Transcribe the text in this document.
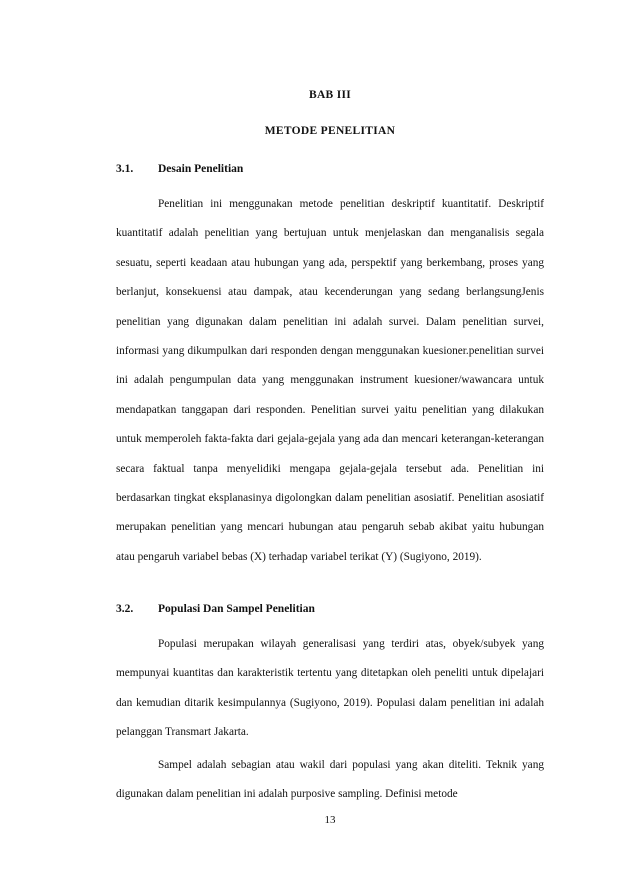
BAB III
METODE PENELITIAN
3.1. Desain Penelitian

Penelitian ini menggunakan metode penelitian deskriptif kuantitatif. Deskriptif kuantitatif adalah penelitian yang bertujuan untuk menjelaskan dan menganalisis segala sesuatu, seperti keadaan atau hubungan yang ada, perspektif yang berkembang, proses yang berlanjut, konsekuensi atau dampak, atau kecenderungan yang sedang berlangsungJenis penelitian yang digunakan dalam penelitian ini adalah survei. Dalam penelitian survei, informasi yang dikumpulkan dari responden dengan menggunakan kuesioner.penelitian survei ini adalah pengumpulan data yang menggunakan instrument kuesioner/wawancara untuk mendapatkan tanggapan dari responden. Penelitian survei yaitu penelitian yang dilakukan untuk memperoleh fakta-fakta dari gejala-gejala yang ada dan mencari keterangan-keterangan secara faktual tanpa menyelidiki mengapa gejala-gejala tersebut ada. Penelitian ini berdasarkan tingkat eksplanasinya digolongkan dalam penelitian asosiatif. Penelitian asosiatif merupakan penelitian yang mencari hubungan atau pengaruh sebab akibat yaitu hubungan atau pengaruh variabel bebas (X) terhadap variabel terikat (Y) (Sugiyono, 2019).

3.2. Populasi Dan Sampel Penelitian

Populasi merupakan wilayah generalisasi yang terdiri atas, obyek/subyek yang mempunyai kuantitas dan karakteristik tertentu yang ditetapkan oleh peneliti untuk dipelajari dan kemudian ditarik kesimpulannya (Sugiyono, 2019). Populasi dalam penelitian ini adalah pelanggan Transmart Jakarta.

Sampel adalah sebagian atau wakil dari populasi yang akan diteliti. Teknik yang digunakan dalam penelitian ini adalah purposive sampling. Definisi metode

13
